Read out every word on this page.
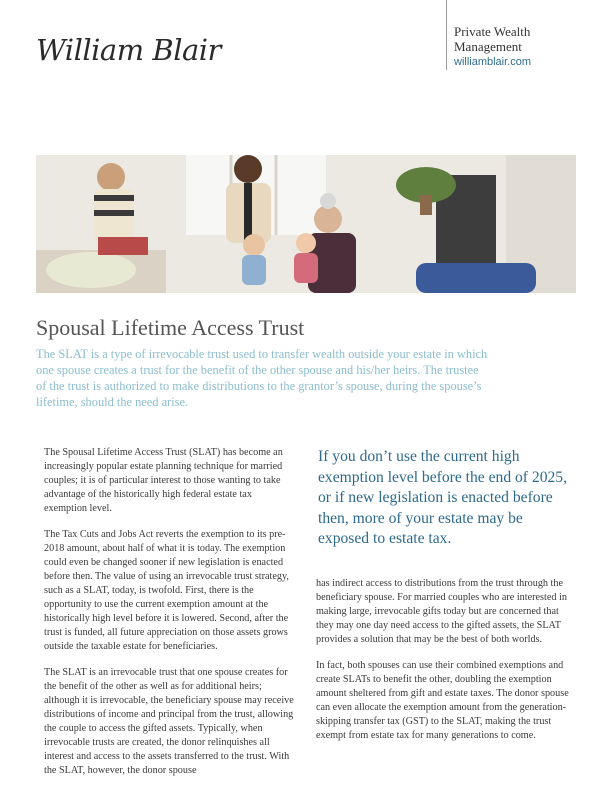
William Blair
Private Wealth
Management
williamblair.com
Spousal Lifetime Access Trust
The SLAT is a type of irrevocable trust used to transfer wealth outside your estate in which one spouse creates a trust for the benefit of the other spouse and his/her heirs. The trustee of the trust is authorized to make distributions to the grantor’s spouse, during the spouse’s lifetime, should the need arise.

The Spousal Lifetime Access Trust (SLAT) has become an increasingly popular estate planning technique for married couples; it is of particular interest to those wanting to take advantage of the historically high federal estate tax exemption level.

The Tax Cuts and Jobs Act reverts the exemption to its pre-2018 amount, about half of what it is today. The exemption could even be changed sooner if new legislation is enacted before then. The value of using an irrevocable trust strategy, such as a SLAT, today, is twofold. First, there is the opportunity to use the current exemption amount at the historically high level before it is lowered. Second, after the trust is funded, all future appreciation on those assets grows outside the taxable estate for beneficiaries.

The SLAT is an irrevocable trust that one spouse creates for the benefit of the other as well as for additional heirs; although it is irrevocable, the beneficiary spouse may receive distributions of income and principal from the trust, allowing the couple to access the gifted assets. Typically, when irrevocable trusts are created, the donor relinquishes all interest and access to the assets transferred to the trust. With the SLAT, however, the donor spouse

If you don’t use the current high exemption level before the end of 2025, or if new legislation is enacted before then, more of your estate may be exposed to estate tax.

has indirect access to distributions from the trust through the beneficiary spouse. For married couples who are interested in making large, irrevocable gifts today but are concerned that they may one day need access to the gifted assets, the SLAT provides a solution that may be the best of both worlds.

In fact, both spouses can use their combined exemptions and create SLATs to benefit the other, doubling the exemption amount sheltered from gift and estate taxes. The donor spouse can even allocate the exemption amount from the generation-skipping transfer tax (GST) to the SLAT, making the trust exempt from estate tax for many generations to come.
